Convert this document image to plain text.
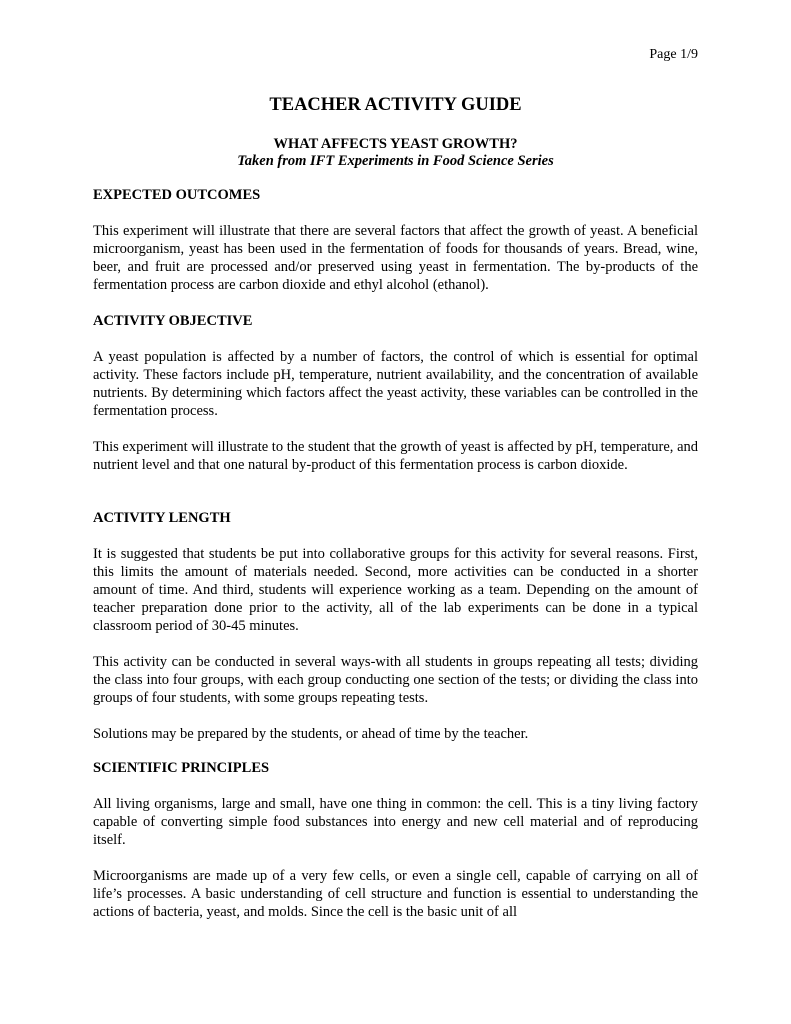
Page 1/9
TEACHER ACTIVITY GUIDE
WHAT AFFECTS YEAST GROWTH?
Taken from IFT Experiments in Food Science Series
EXPECTED OUTCOMES

This experiment will illustrate that there are several factors that affect the growth of yeast. A beneficial microorganism, yeast has been used in the fermentation of foods for thousands of years. Bread, wine, beer, and fruit are processed and/or preserved using yeast in fermentation. The by-products of the fermentation process are carbon dioxide and ethyl alcohol (ethanol).

ACTIVITY OBJECTIVE

A yeast population is affected by a number of factors, the control of which is essential for optimal activity. These factors include pH, temperature, nutrient availability, and the concentration of available nutrients. By determining which factors affect the yeast activity, these variables can be controlled in the fermentation process.

This experiment will illustrate to the student that the growth of yeast is affected by pH, temperature, and nutrient level and that one natural by-product of this fermentation process is carbon dioxide.

ACTIVITY LENGTH

It is suggested that students be put into collaborative groups for this activity for several reasons. First, this limits the amount of materials needed. Second, more activities can be conducted in a shorter amount of time. And third, students will experience working as a team. Depending on the amount of teacher preparation done prior to the activity, all of the lab experiments can be done in a typical classroom period of 30-45 minutes.

This activity can be conducted in several ways-with all students in groups repeating all tests; dividing the class into four groups, with each group conducting one section of the tests; or dividing the class into groups of four students, with some groups repeating tests.

Solutions may be prepared by the students, or ahead of time by the teacher.

SCIENTIFIC PRINCIPLES

All living organisms, large and small, have one thing in common: the cell. This is a tiny living factory capable of converting simple food substances into energy and new cell material and of reproducing itself.

Microorganisms are made up of a very few cells, or even a single cell, capable of carrying on all of life’s processes. A basic understanding of cell structure and function is essential to understanding the actions of bacteria, yeast, and molds. Since the cell is the basic unit of all
